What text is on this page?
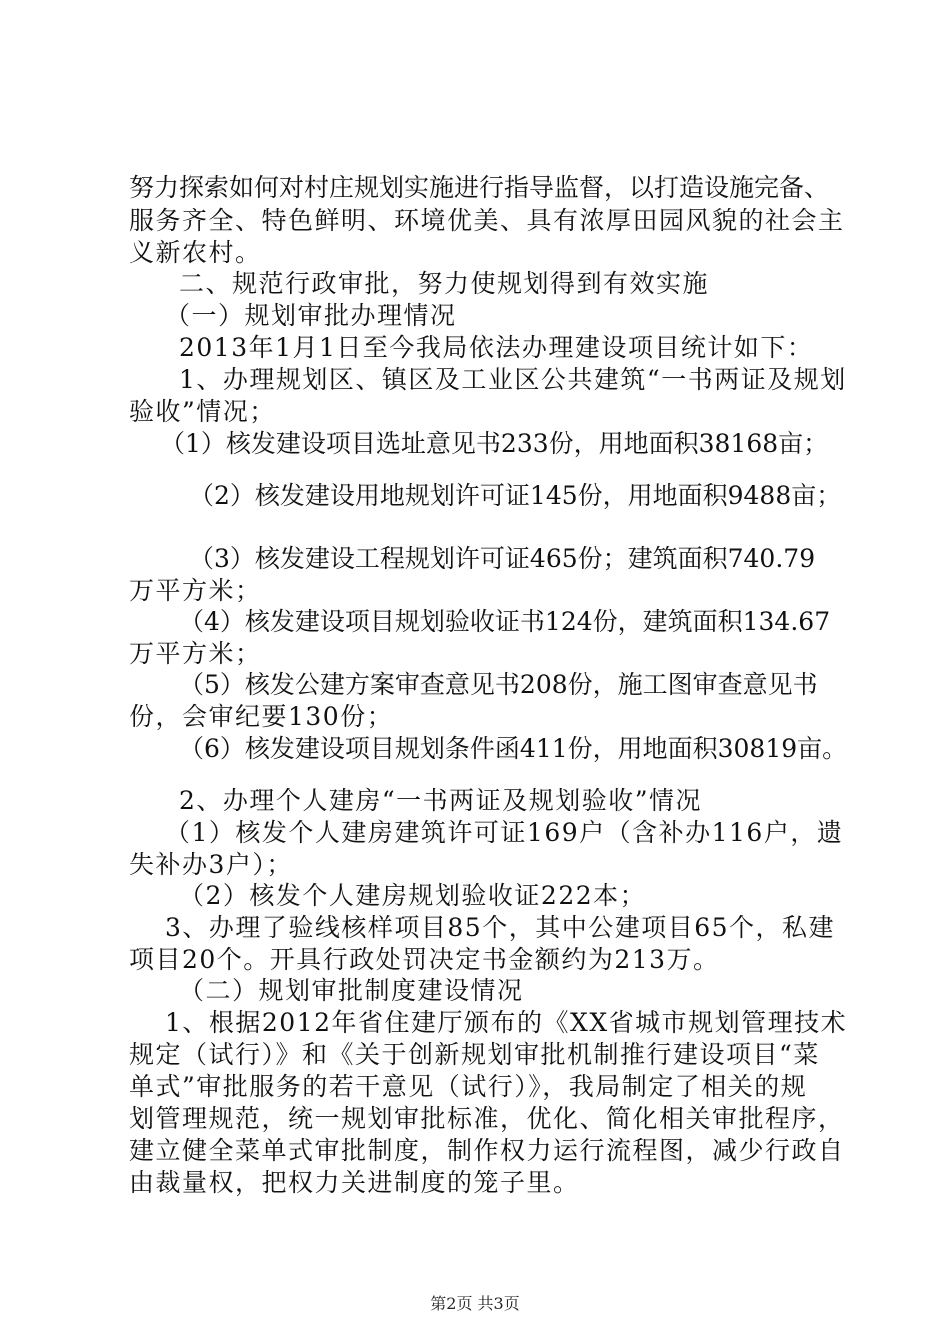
努力探索如何对村庄规划实施进行指导监督，以打造设施完备、
服务齐全、特色鲜明、环境优美、具有浓厚田园风貌的社会主
义新农村。
二、规范行政审批，努力使规划得到有效实施
（一）规划审批办理情况
2013年1月1日至今我局依法办理建设项目统计如下：
1、办理规划区、镇区及工业区公共建筑“一书两证及规划
验收”情况；
（1）核发建设项目选址意见书233份，用地面积38168亩；
（2）核发建设用地规划许可证145份，用地面积9488亩；
（3）核发建设工程规划许可证465份；建筑面积740.79
万平方米；
（4）核发建设项目规划验收证书124份，建筑面积134.67
万平方米；
（5）核发公建方案审查意见书208份，施工图审查意见书
份，会审纪要130份；
（6）核发建设项目规划条件函411份，用地面积30819亩。
2、办理个人建房“一书两证及规划验收”情况
（1）核发个人建房建筑许可证169户（含补办116户，遗
失补办3户）；
（2）核发个人建房规划验收证222本；
3、办理了验线核样项目85个，其中公建项目65个，私建
项目20个。开具行政处罚决定书金额约为213万。
（二）规划审批制度建设情况
1、根据2012年省住建厅颁布的《XX省城市规划管理技术
规定（试行）》和《关于创新规划审批机制推行建设项目“菜
单式”审批服务的若干意见（试行）》，我局制定了相关的规
划管理规范，统一规划审批标准，优化、简化相关审批程序，
建立健全菜单式审批制度，制作权力运行流程图，减少行政自
由裁量权，把权力关进制度的笼子里。
第2页 共3页
